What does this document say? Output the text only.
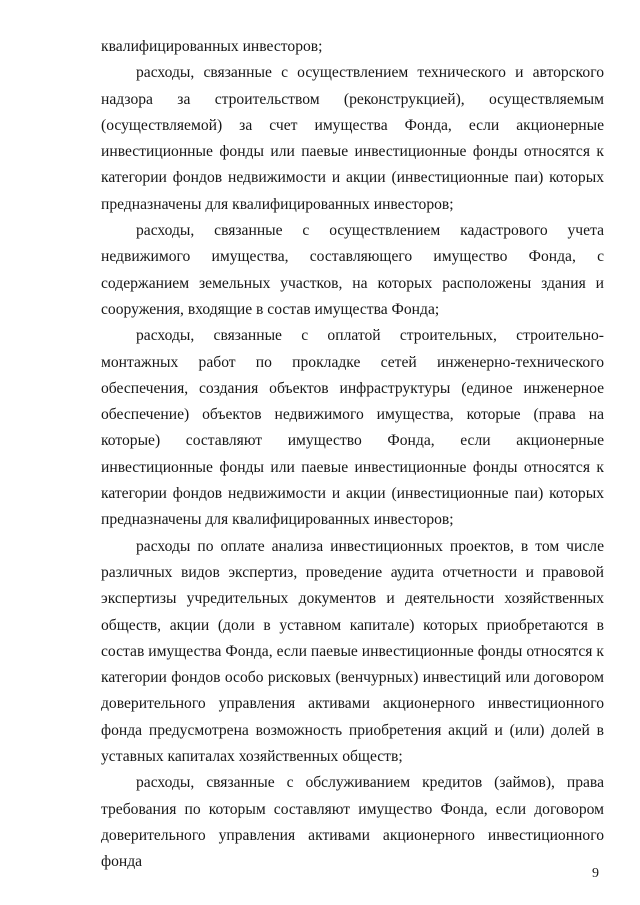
квалифицированных инвесторов;

расходы, связанные с осуществлением технического и авторского надзора за строительством (реконструкцией), осуществляемым (осуществляемой) за счет имущества Фонда, если акционерные инвестиционные фонды или паевые инвестиционные фонды относятся к категории фондов недвижимости и акции (инвестиционные паи) которых предназначены для квалифицированных инвесторов;

расходы, связанные с осуществлением кадастрового учета недвижимого имущества, составляющего имущество Фонда, с содержанием земельных участков, на которых расположены здания и сооружения, входящие в состав имущества Фонда;

расходы, связанные с оплатой строительных, строительно-монтажных работ по прокладке сетей инженерно-технического обеспечения, создания объектов инфраструктуры (единое инженерное обеспечение) объектов недвижимого имущества, которые (права на которые) составляют имущество Фонда, если акционерные инвестиционные фонды или паевые инвестиционные фонды относятся к категории фондов недвижимости и акции (инвестиционные паи) которых предназначены для квалифицированных инвесторов;

расходы по оплате анализа инвестиционных проектов, в том числе различных видов экспертиз, проведение аудита отчетности и правовой экспертизы учредительных документов и деятельности хозяйственных обществ, акции (доли в уставном капитале) которых приобретаются в состав имущества Фонда, если паевые инвестиционные фонды относятся к категории фондов особо рисковых (венчурных) инвестиций или договором доверительного управления активами акционерного инвестиционного фонда предусмотрена возможность приобретения акций и (или) долей в уставных капиталах хозяйственных обществ;

расходы, связанные с обслуживанием кредитов (займов), права требования по которым составляют имущество Фонда, если договором доверительного управления активами акционерного инвестиционного фонда

9
